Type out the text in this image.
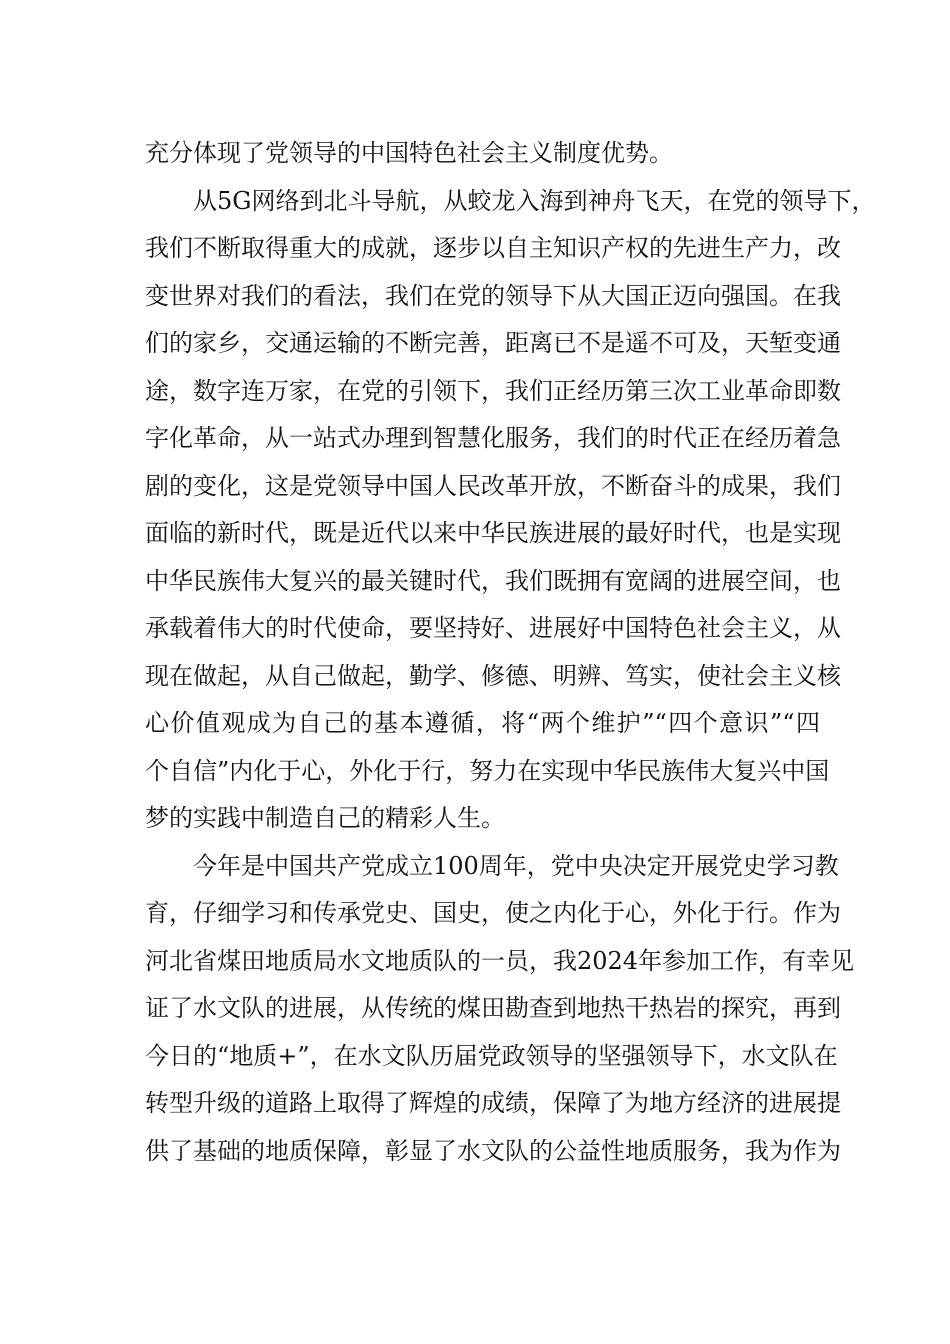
充分体现了党领导的中国特色社会主义制度优势。
从5G网络到北斗导航，从蛟龙入海到神舟飞天，在党的领导下，
我们不断取得重大的成就，逐步以自主知识产权的先进生产力，改
变世界对我们的看法，我们在党的领导下从大国正迈向强国。在我
们的家乡，交通运输的不断完善，距离已不是遥不可及，天堑变通
途，数字连万家，在党的引领下，我们正经历第三次工业革命即数
字化革命，从一站式办理到智慧化服务，我们的时代正在经历着急
剧的变化，这是党领导中国人民改革开放，不断奋斗的成果，我们
面临的新时代，既是近代以来中华民族进展的最好时代，也是实现
中华民族伟大复兴的最关键时代，我们既拥有宽阔的进展空间，也
承载着伟大的时代使命，要坚持好、进展好中国特色社会主义，从
现在做起，从自己做起，勤学、修德、明辨、笃实，使社会主义核
心价值观成为自己的基本遵循，将“两个维护”“四个意识”“四
个自信”内化于心，外化于行，努力在实现中华民族伟大复兴中国
梦的实践中制造自己的精彩人生。
今年是中国共产党成立100周年，党中央决定开展党史学习教
育，仔细学习和传承党史、国史，使之内化于心，外化于行。作为
河北省煤田地质局水文地质队的一员，我2024年参加工作，有幸见
证了水文队的进展，从传统的煤田勘查到地热干热岩的探究，再到
今日的“地质+”，在水文队历届党政领导的坚强领导下，水文队在
转型升级的道路上取得了辉煌的成绩，保障了为地方经济的进展提
供了基础的地质保障，彰显了水文队的公益性地质服务，我为作为
